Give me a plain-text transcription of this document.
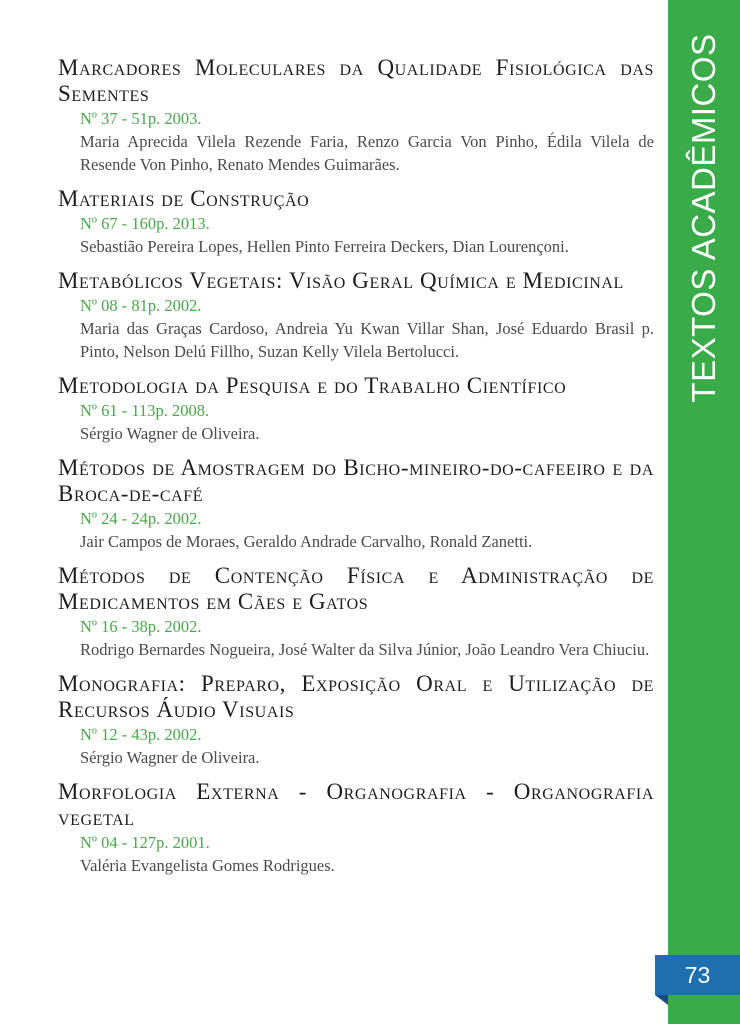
TEXTOS ACADÊMICOS
73

Marcadores Moleculares da Qualidade Fisiológica das Sementes

Nº 37 - 51p. 2003.
Maria Aprecida Vilela Rezende Faria, Renzo Garcia Von Pinho, Édila Vilela de Resende Von Pinho, Renato Mendes Guimarães.

Materiais de Construção

Nº 67 - 160p. 2013.
Sebastião Pereira Lopes, Hellen Pinto Ferreira Deckers, Dian Lourençoni.

Metabólicos Vegetais: Visão Geral Química e Medicinal

Nº 08 - 81p. 2002.
Maria das Graças Cardoso, Andreia Yu Kwan Villar Shan, José Eduardo Brasil p. Pinto, Nelson Delú Fillho, Suzan Kelly Vilela Bertolucci.

Metodologia da Pesquisa e do Trabalho Científico

Nº 61 - 113p. 2008.
Sérgio Wagner de Oliveira.

Métodos de Amostragem do Bicho-mineiro-do-cafeeiro e da Broca-de-café

Nº 24 - 24p. 2002.
Jair Campos de Moraes, Geraldo Andrade Carvalho, Ronald Zanetti.

Métodos de Contenção Física e Administração de Medicamentos em Cães e Gatos

Nº 16 - 38p. 2002.
Rodrigo Bernardes Nogueira, José Walter da Silva Júnior, João Leandro Vera Chiuciu.

Monografia: Preparo, Exposição Oral e Utilização de Recursos Áudio Visuais

Nº 12 - 43p. 2002.
Sérgio Wagner de Oliveira.

Morfologia Externa - Organografia - Organografia vegetal

Nº 04 - 127p. 2001.
Valéria Evangelista Gomes Rodrigues.
